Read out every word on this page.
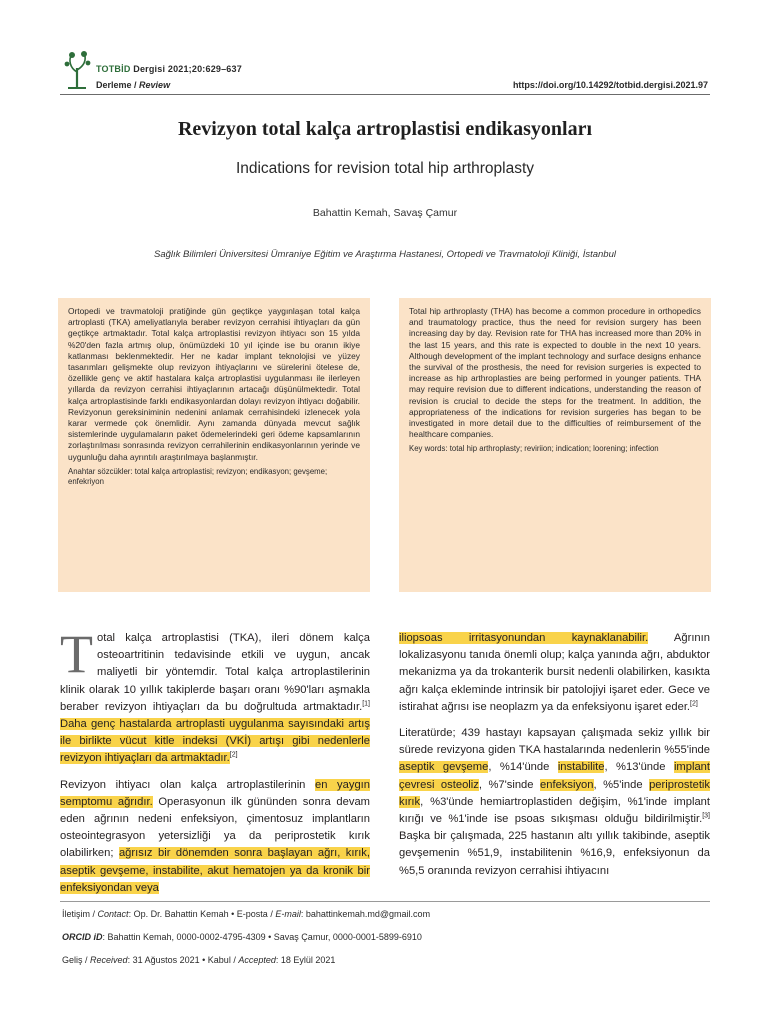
TOTBİD Dergisi 2021;20:629–637
Derleme / Review	https://doi.org/10.14292/totbid.dergisi.2021.97
Revizyon total kalça artroplastisi endikasyonları
Indications for revision total hip arthroplasty
Bahattin Kemah, Savaş Çamur
Sağlık Bilimleri Üniversitesi Ümraniye Eğitim ve Araştırma Hastanesi, Ortopedi ve Travmatoloji Kliniği, İstanbul
Ortopedi ve travmatoloji pratiğinde gün geçtikçe yaygınlaşan total kalça artroplasti (TKA) ameliyatlarıyla beraber revizyon cerrahisi ihtiyaçları da gün geçtikçe artmaktadır. Total kalça artroplastisi revizyon ihtiyacı son 15 yılda %20'den fazla artmış olup, önümüzdeki 10 yıl içinde ise bu oranın ikiye katlanması beklenmektedir. Her ne kadar implant teknolojisi ve yüzey tasarımları gelişmekte olup revizyon ihtiyaçlarını ve sürelerini ötelese de, özellikle genç ve aktif hastalara kalça artroplastisi uygulanması ile ilerleyen yıllarda da revizyon cerrahisi ihtiyaçlarının artacağı düşünülmektedir. Total kalça artroplastisinde farklı endikasyonlardan dolayı revizyon ihtiyacı doğabilir. Revizyonun gereksiniminin nedenini anlamak cerrahisindeki izlenecek yola karar vermede çok önemlidir. Aynı zamanda dünyada mevcut sağlık sistemlerinde uygulamaların paket ödemelerindeki geri ödeme kapsamlarının zorlaştırılması sonrasında revizyon cerrahilerinin endikasyonlarının yerinde ve uygunluğu daha ayrıntılı araştırılmaya başlanmıştır.
Anahtar sözcükler: total kalça artroplastisi; revizyon; endikasyon; gevşeme; enfekriyon
Total hip arthroplasty (THA) has become a common procedure in orthopedics and traumatology practice, thus the need for revision surgery has been increasing day by day. Revision rate for THA has increased more than 20% in the last 15 years, and this rate is expected to double in the next 10 years. Although development of the implant technology and surface designs enhance the survival of the prosthesis, the need for revision surgeries is expected to increase as hip arthroplasties are being performed in younger patients. THA may require revision due to different indications, understanding the reason of revision is crucial to decide the steps for the treatment. In addition, the appropriateness of the indications for revision surgeries has began to be investigated in more detail due to the difficulties of reimbursement of the healthcare companies.
Key words: total hip arthroplasty; reviriion; indication; loorening; infection

Total kalça artroplastisi (TKA), ileri dönem kalça osteoartritinin tedavisinde etkili ve uygun, ancak maliyetli bir yöntemdir. Total kalça artroplastilerinin klinik olarak 10 yıllık takiplerde başarı oranı %90'ları aşmakla beraber revizyon ihtiyaçları da bu doğrultuda artmaktadır.[1] Daha genç hastalarda artroplasti uygulanma sayısındaki artış ile birlikte vücut kitle indeksi (VKİ) artışı gibi nedenlerle revizyon ihtiyaçları da artmaktadır.[2]

Revizyon ihtiyacı olan kalça artroplastilerinin en yaygın semptomu ağrıdır. Operasyonun ilk gününden sonra devam eden ağrının nedeni enfeksiyon, çimentosuz implantların osteointegrasyon yetersizliği ya da periprostetik kırık olabilirken; ağrısız bir dönemden sonra başlayan ağrı, kırık, aseptik gevşeme, instabilite, akut hematojen ya da kronik bir enfeksiyondan veya

iliopsoas irritasyonundan kaynaklanabilir. Ağrının lokalizasyonu tanıda önemli olup; kalça yanında ağrı, abduktor mekanizma ya da trokanterik bursit nedenli olabilirken, kasıkta ağrı kalça ekleminde intrinsik bir patolojiyi işaret eder. Gece ve istirahat ağrısı ise neoplazm ya da enfeksiyonu işaret eder.[2]

Literatürde; 439 hastayı kapsayan çalışmada sekiz yıllık bir sürede revizyona giden TKA hastalarında nedenlerin %55'inde aseptik gevşeme, %14'ünde instabilite, %13'ünde implant çevresi osteoliz, %7'sinde enfeksiyon, %5'inde periprostetik kırık, %3'ünde hemiartroplastiden değişim, %1'inde implant kırığı ve %1'inde ise psoas sıkışması olduğu bildirilmiştir.[3] Başka bir çalışmada, 225 hastanın altı yıllık takibinde, aseptik gevşemenin %51,9, instabilitenin %16,9, enfeksiyonun da %5,5 oranında revizyon cerrahisi ihtiyacını

İletişim / Contact: Op. Dr. Bahattin Kemah • E-posta / E-mail: bahattinkemah.md@gmail.com
ORCID iD: Bahattin Kemah, 0000-0002-4795-4309 • Savaş Çamur, 0000-0001-5899-6910
Geliş / Received: 31 Ağustos 2021 • Kabul / Accepted: 18 Eylül 2021
